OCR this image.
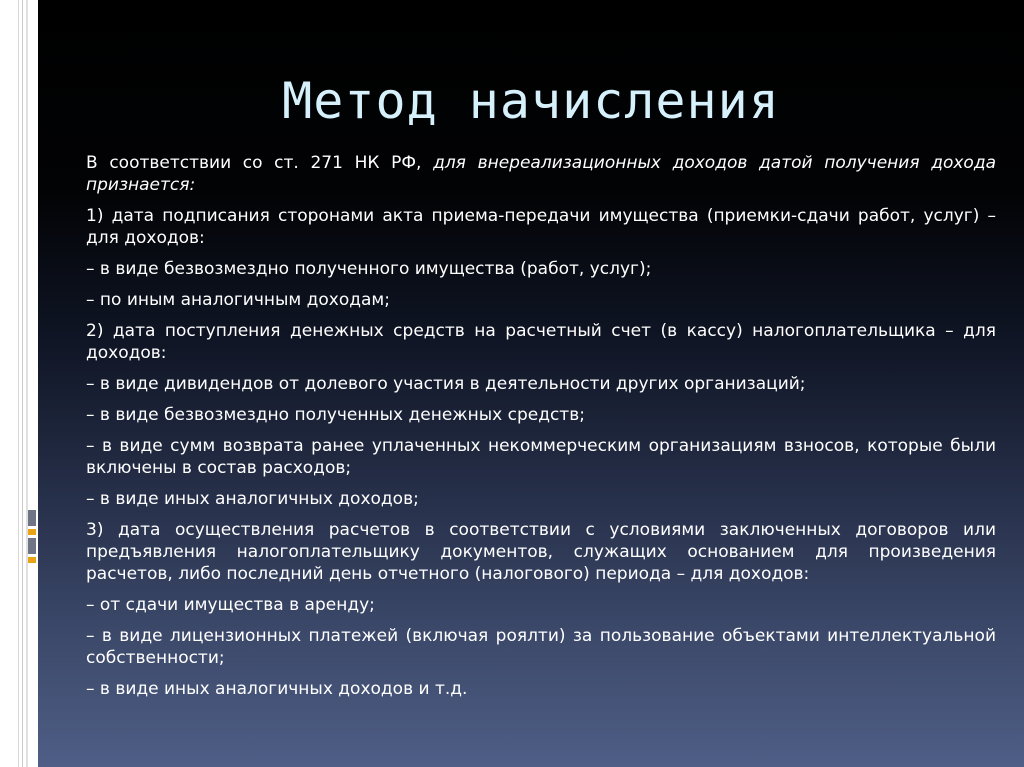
Метод начисления

В соответствии со ст. 271 НК РФ, для внереализационных доходов датой получения дохода признается:

1) дата подписания сторонами акта приема-передачи имущества (приемки-сдачи работ, услуг) – для доходов:

– в виде безвозмездно полученного имущества (работ, услуг);

– по иным аналогичным доходам;

2) дата поступления денежных средств на расчетный счет (в кассу) налогоплательщика – для доходов:

– в виде дивидендов от долевого участия в деятельности других организаций;

– в виде безвозмездно полученных денежных средств;

– в виде сумм возврата ранее уплаченных некоммерческим организациям взносов, которые были включены в состав расходов;

– в виде иных аналогичных доходов;

3) дата осуществления расчетов в соответствии с условиями заключенных договоров или предъявления налогоплательщику документов, служащих основанием для произведения расчетов, либо последний день отчетного (налогового) периода – для доходов:

– от сдачи имущества в аренду;

– в виде лицензионных платежей (включая роялти) за пользование объектами интеллектуальной собственности;

– в виде иных аналогичных доходов и т.д.
